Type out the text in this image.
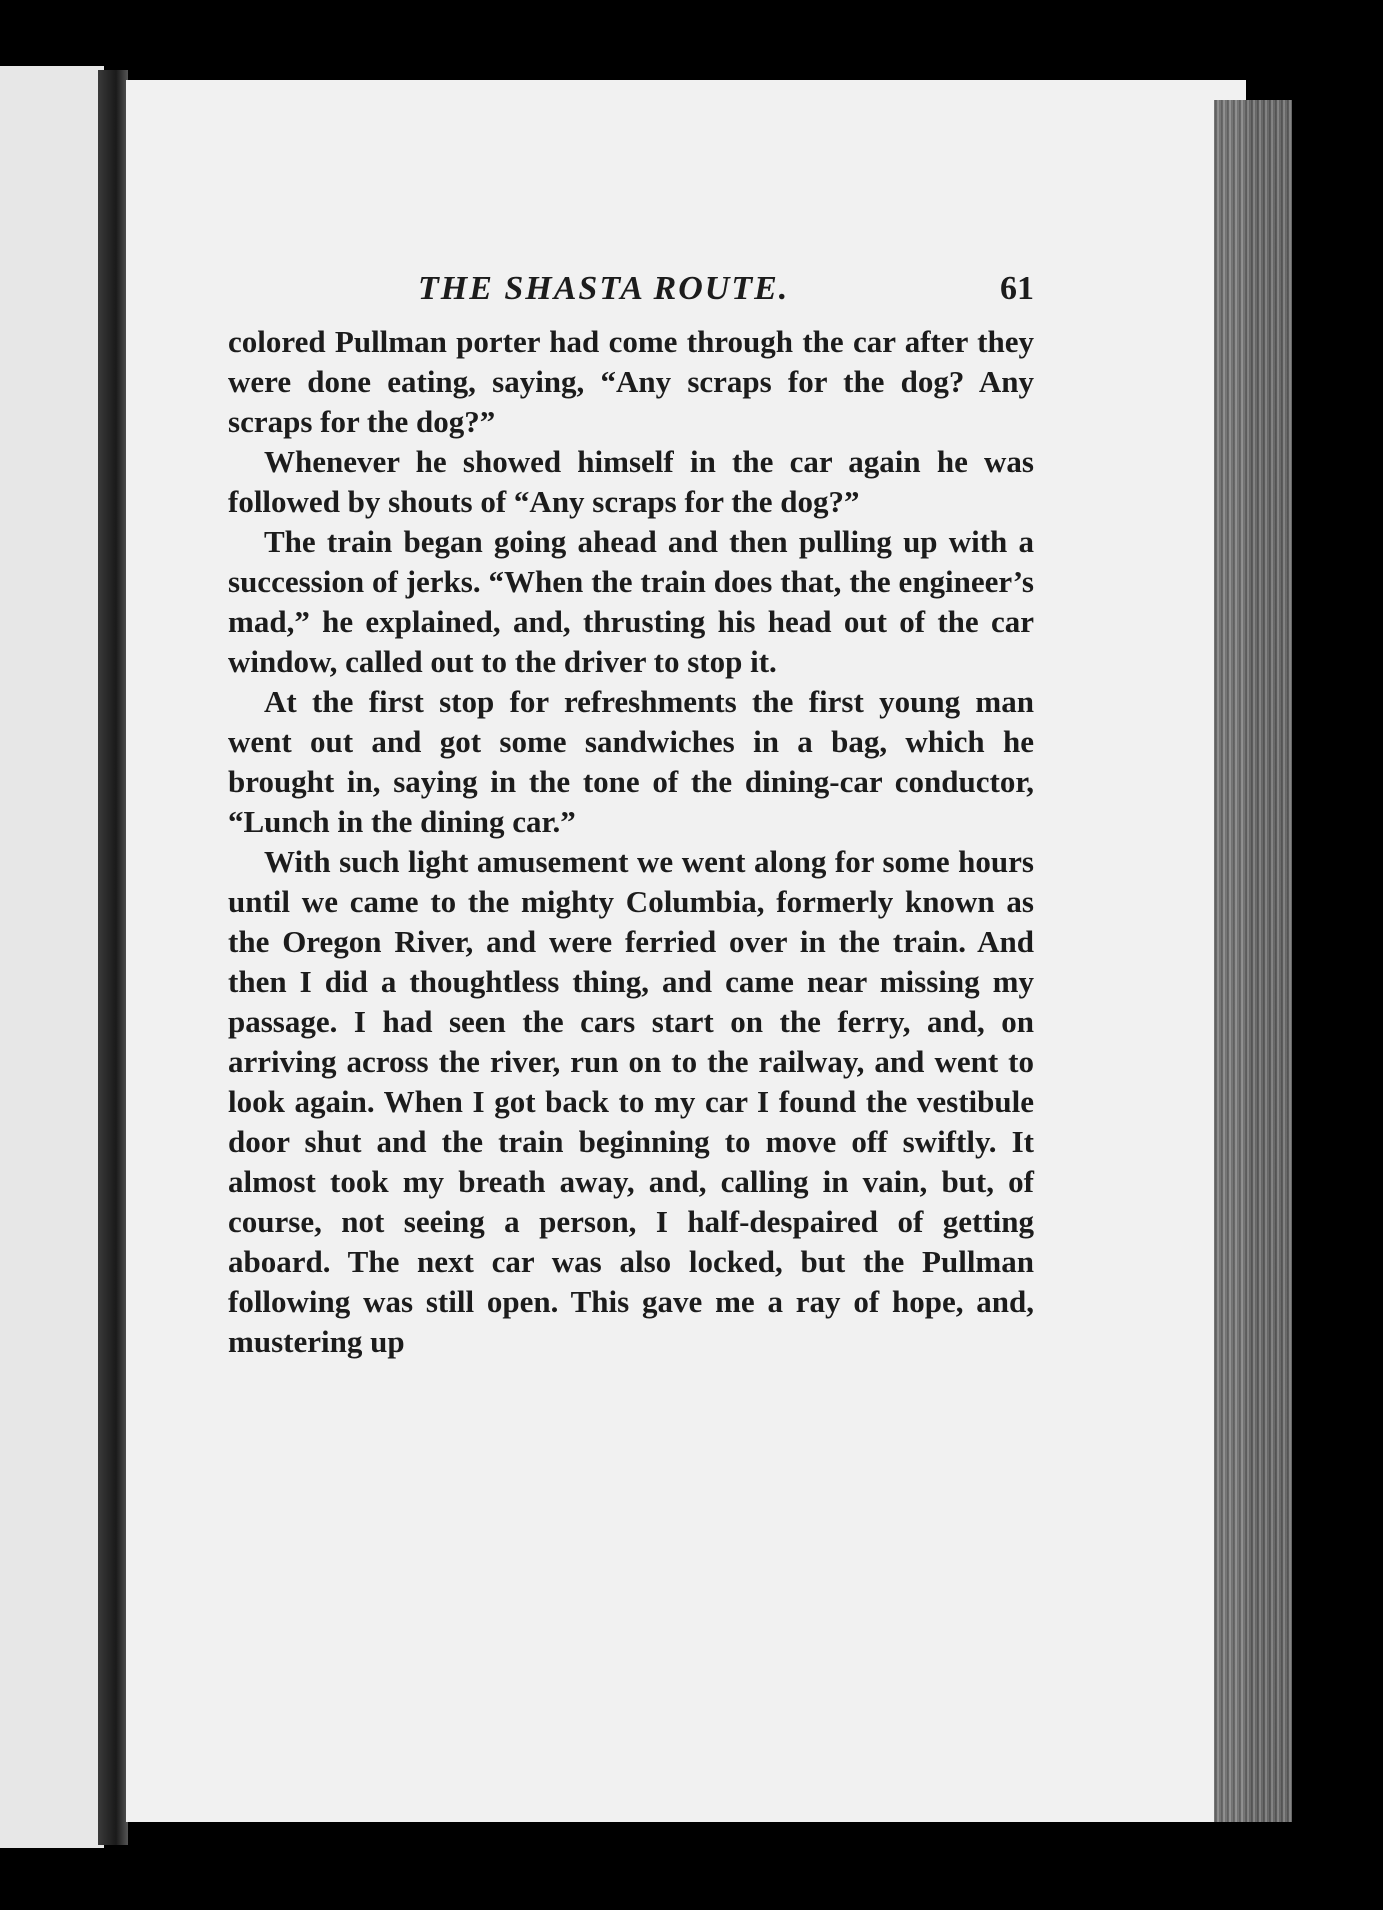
THE SHASTA ROUTE.	61

colored Pullman porter had come through the car after they were done eating, saying, “Any scraps for the dog? Any scraps for the dog?”

Whenever he showed himself in the car again he was followed by shouts of “Any scraps for the dog?”

The train began going ahead and then pulling up with a succession of jerks. “When the train does that, the engineer’s mad,” he explained, and, thrusting his head out of the car window, called out to the driver to stop it.

At the first stop for refreshments the first young man went out and got some sandwiches in a bag, which he brought in, saying in the tone of the dining-car conductor, “Lunch in the dining car.”

With such light amusement we went along for some hours until we came to the mighty Columbia, formerly known as the Oregon River, and were ferried over in the train. And then I did a thoughtless thing, and came near missing my passage. I had seen the cars start on the ferry, and, on arriving across the river, run on to the railway, and went to look again. When I got back to my car I found the vestibule door shut and the train beginning to move off swiftly. It almost took my breath away, and, calling in vain, but, of course, not seeing a person, I half-despaired of getting aboard. The next car was also locked, but the Pullman following was still open. This gave me a ray of hope, and, mustering up
